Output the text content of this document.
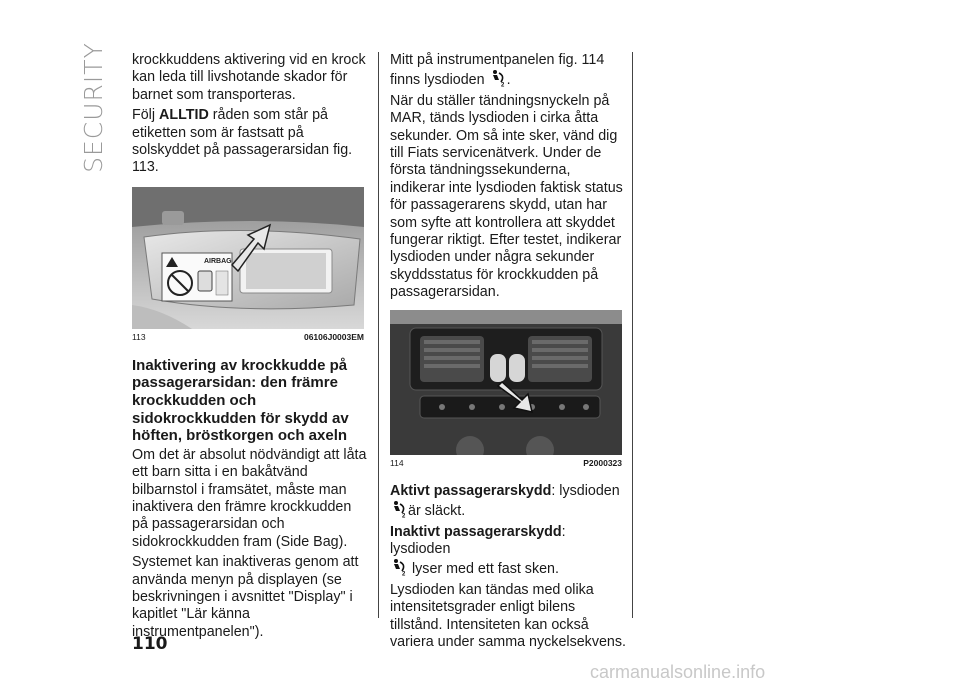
SECURITY krockkuddens aktivering vid en krock kan leda till livshotande skador för barnet som transporteras.

Följ ALLTID råden som står på etiketten som är fastsatt på solskyddet på passagerarsidan fig. 113.

AIRBAG
113	06106J0003EM
Inaktivering av krockkudde på passagerarsidan: den främre krockkudden och sidokrockkudden för skydd av höften, bröstkorgen och axeln

Om det är absolut nödvändigt att låta ett barn sitta i en bakåtvänd bilbarnstol i framsätet, måste man inaktivera den främre krockkudden på passagerarsidan och sidokrockkudden fram (Side Bag).

Systemet kan inaktiveras genom att använda menyn på displayen (se beskrivningen i avsnittet "Display" i kapitlet "Lär känna instrumentpanelen").

Mitt på instrumentpanelen fig. 114 finns lysdioden	2 .

När du ställer tändningsnyckeln på MAR, tänds lysdioden i cirka åtta sekunder. Om så inte sker, vänd dig till Fiats servicenätverk. Under de första tändningssekunderna, indikerar inte lysdioden faktisk status för passagerarens skydd, utan har som syfte att kontrollera att skyddet fungerar riktigt. Efter testet, indikerar lysdioden under några sekunder skyddsstatus för krockkudden på passagerarsidan.

114	P2000323

Aktivt passagerarskydd: lysdioden

2 är släckt.

Inaktivt passagerarskydd: lysdioden

2 lyser med ett fast sken.

Lysdioden kan tändas med olika intensitetsgrader enligt bilens tillstånd. Intensiteten kan också variera under samma nyckelsekvens.

110
carmanualsonline.info
